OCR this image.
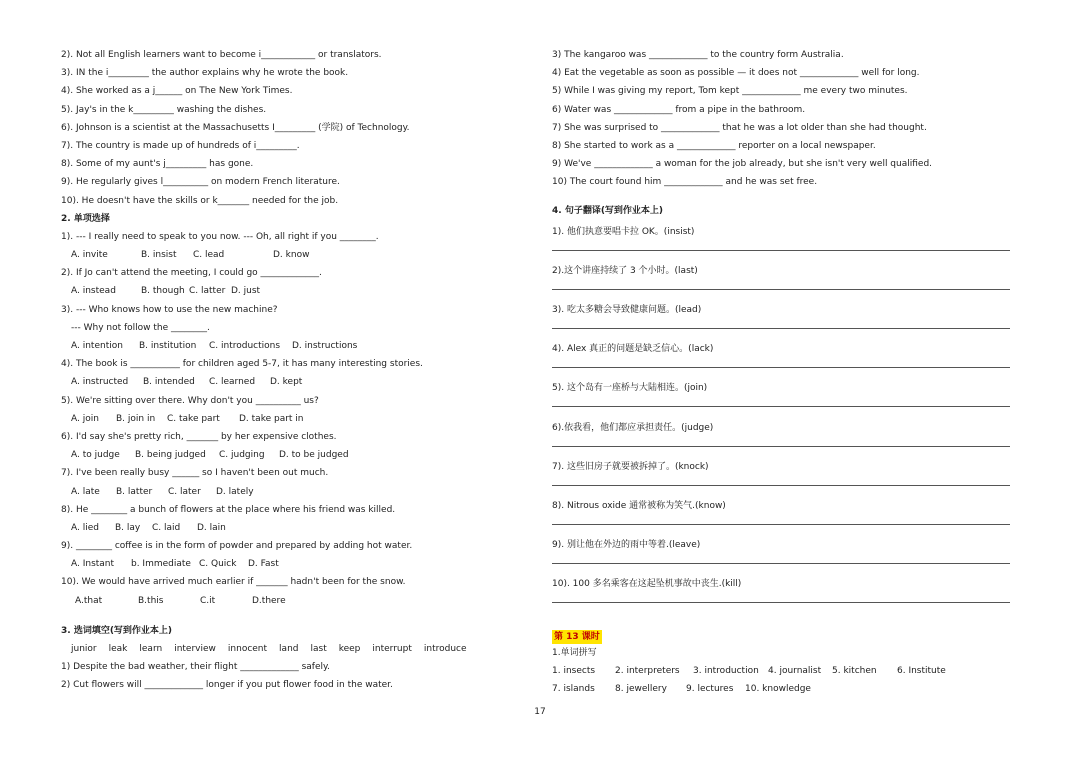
2). Not all English learners want to become i____________ or translators.
3). IN the i_________ the author explains why he wrote the book.
4). She worked as a j______ on The New York Times.
5). Jay's in the k_________ washing the dishes.
6). Johnson is a scientist at the Massachusetts I_________ (学院) of Technology.
7). The country is made up of hundreds of i_________.
8). Some of my aunt's j_________ has gone.
9). He regularly gives l__________ on modern French literature.
10). He doesn't have the skills or k_______ needed for the job.
2. 单项选择
1). --- I really need to speak to you now. --- Oh, all right if you ________.
A. invite	B. insist C. lead	D. know
2). If Jo can't attend the meeting, I could go _____________.
A. instead	B. though C. latter D. just
3). --- Who knows how to use the new machine?
--- Why not follow the ________.
A. intention B. institution C. introductions D. instructions
4). The book is ___________ for children aged 5-7, it has many interesting stories.
A. instructed B. intended C. learned D. kept
5). We're sitting over there. Why don't you __________ us?
A. join B. join in C. take part D. take part in
6). I'd say she's pretty rich, _______ by her expensive clothes.
A. to judge B. being judged C. judging D. to be judged
7). I've been really busy ______ so I haven't been out much.
A. late B. latter C. later D. lately
8). He ________ a bunch of flowers at the place where his friend was killed.
A. lied B. lay C. laid D. lain
9). ________ coffee is in the form of powder and prepared by adding hot water.
A. Instant b. Immediate C. Quick D. Fast
10). We would have arrived much earlier if _______ hadn't been for the snow.
A.that	B.this	C.it	D.there
3. 选词填空(写到作业本上)
junior leak learn interview innocent land last keep interrupt introduce
1) Despite the bad weather, their flight _____________ safely.
2) Cut flowers will _____________ longer if you put flower food in the water.
3) The kangaroo was _____________ to the country form Australia.
4) Eat the vegetable as soon as possible — it does not _____________ well for long.
5) While I was giving my report, Tom kept _____________ me every two minutes.
6) Water was _____________ from a pipe in the bathroom.
7) She was surprised to _____________ that he was a lot older than she had thought.
8) She started to work as a _____________ reporter on a local newspaper.
9) We've _____________ a woman for the job already, but she isn't very well qualified.
10) The court found him _____________ and he was set free.
4. 句子翻译(写到作业本上)
1). 他们执意要唱卡拉 OK。(insist)
2).这个讲座持续了 3 个小时。(last)
3). 吃太多糖会导致健康问题。(lead)
4). Alex 真正的问题是缺乏信心。(lack)
5). 这个岛有一座桥与大陆相连。(join)
6).依我看，他们都应承担责任。(judge)
7). 这些旧房子就要被拆掉了。(knock)
8). Nitrous oxide 通常被称为笑气.(know)
9). 别让他在外边的雨中等着.(leave)
10). 100 多名乘客在这起坠机事故中丧生.(kill)
第 13 课时
1.单词拼写
1. insects 2. interpreters 3. introduction 4. journalist 5. kitchen 6. Institute
7. islands 8. jewellery 9. lectures 10. knowledge
17
